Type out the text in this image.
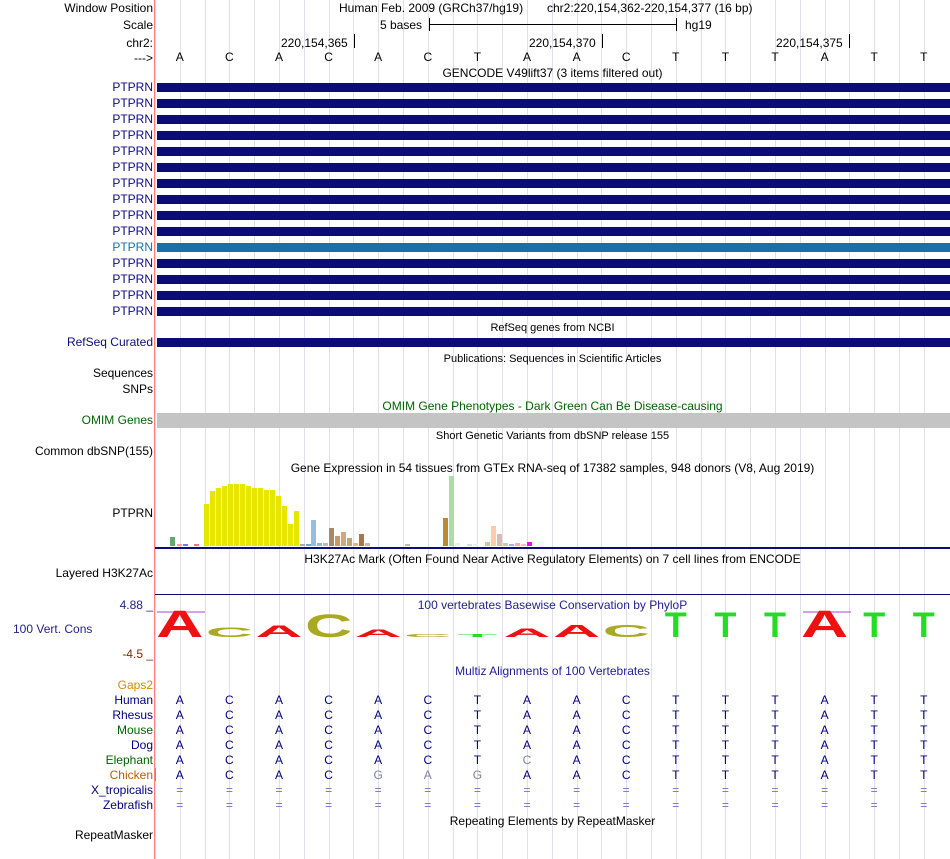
Window Position
Scale
chr2:
--->
Human Feb. 2009 (GRCh37/hg19) chr2:220,154,362-220,154,377 (16 bp)
5 bases	hg19
220,154,365	220,154,370	220,154,375
A	C	A	C	A	C	T	A	A	C	T	T	T	A	T	T
GENCODE V49lift37 (3 items filtered out)
PTPRN
PTPRN
PTPRN
PTPRN
PTPRN
PTPRN
PTPRN
PTPRN
PTPRN
PTPRN
PTPRN
PTPRN
PTPRN
PTPRN
PTPRN
RefSeq genes from NCBI
RefSeq Curated
Publications: Sequences in Scientific Articles
Sequences
SNPs
OMIM Gene Phenotypes - Dark Green Can Be Disease-causing
OMIM Genes
Short Genetic Variants from dbSNP release 155
Common dbSNP(155)
Gene Expression in 54 tissues from GTEx RNA-seq of 17382 samples, 948 donors (V8, Aug 2019)
PTPRN
H3K27Ac Mark (Often Found Near Active Regulatory Elements) on 7 cell lines from ENCODE
Layered H3K27Ac
4.88 _	100 vertebrates Basewise Conservation by PhyloP
100 Vert. Cons
-4.5 _
A C A C A C T A A C T T T A T T
Multiz Alignments of 100 Vertebrates
Gaps2
Human	A	C	A	C	A	C	T	A	A	C	T	T	T	A	T	T
Rhesus	A	C	A	C	A	C	T	A	A	C	T	T	T	A	T	T
Mouse	A	C	A	C	A	C	T	A	A	C	T	T	T	A	T	T
Dog	A	C	A	C	A	C	T	A	A	C	T	T	T	A	T	T
Elephant	A	C	A	C	A	C	T	C	A	C	T	T	T	A	T	T
Chicken	A	C	A	C	G	A	G	A	A	C	T	T	T	A	T	T
X_tropicalis	=	=	=	=	=	=	=	=	=	=	=	=	=	=	=	=
Zebrafish	=	=	=	=	=	=	=	=	=	=	=	=	=	=	=	=
Repeating Elements by RepeatMasker
RepeatMasker
